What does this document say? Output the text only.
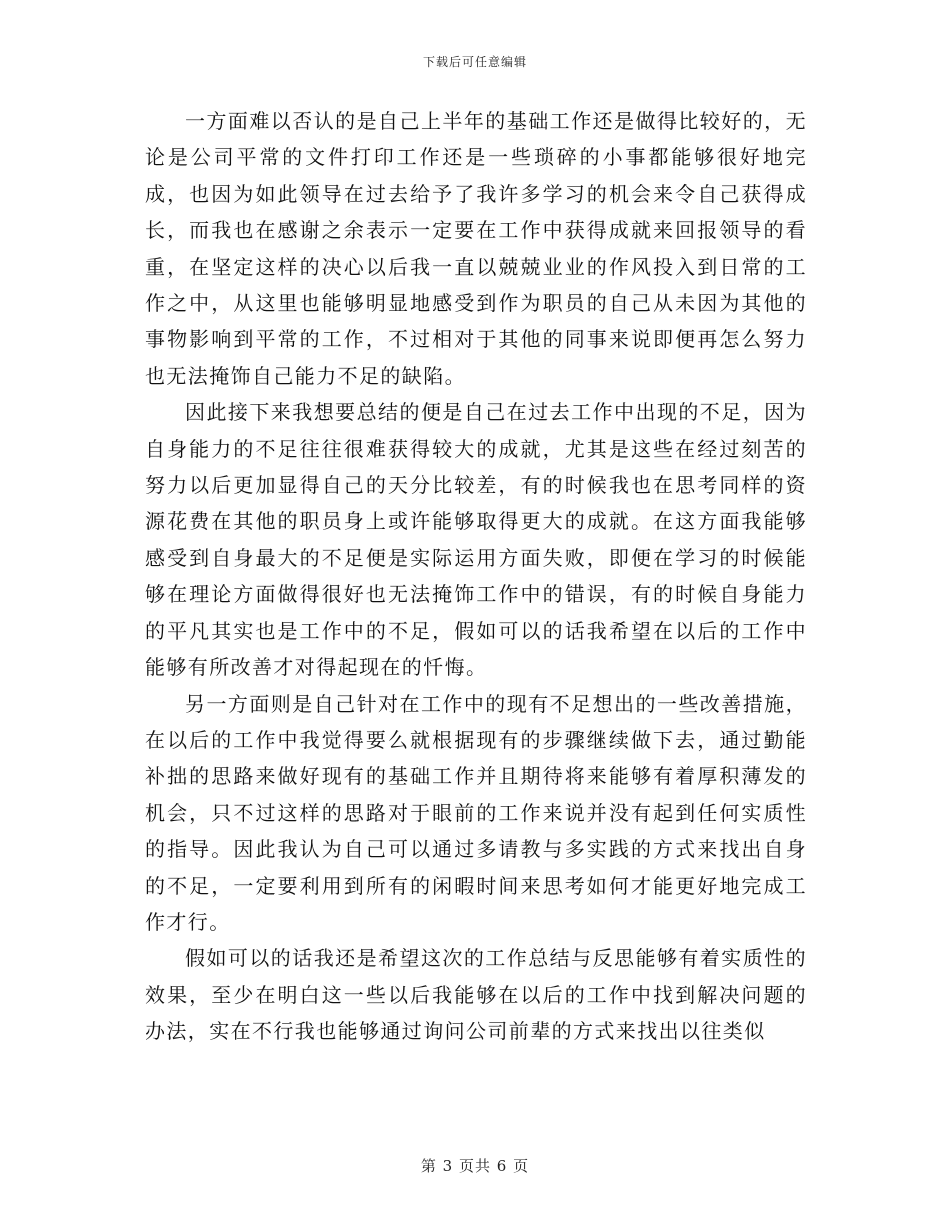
下载后可任意编辑

一方面难以否认的是自己上半年的基础工作还是做得比较好的，无论是公司平常的文件打印工作还是一些琐碎的小事都能够很好地完成，也因为如此领导在过去给予了我许多学习的机会来令自己获得成长，而我也在感谢之余表示一定要在工作中获得成就来回报领导的看重，在坚定这样的决心以后我一直以兢兢业业的作风投入到日常的工作之中，从这里也能够明显地感受到作为职员的自己从未因为其他的事物影响到平常的工作，不过相对于其他的同事来说即便再怎么努力也无法掩饰自己能力不足的缺陷。

因此接下来我想要总结的便是自己在过去工作中出现的不足，因为自身能力的不足往往很难获得较大的成就，尤其是这些在经过刻苦的努力以后更加显得自己的天分比较差，有的时候我也在思考同样的资源花费在其他的职员身上或许能够取得更大的成就。在这方面我能够感受到自身最大的不足便是实际运用方面失败，即便在学习的时候能够在理论方面做得很好也无法掩饰工作中的错误，有的时候自身能力的平凡其实也是工作中的不足，假如可以的话我希望在以后的工作中能够有所改善才对得起现在的忏悔。

另一方面则是自己针对在工作中的现有不足想出的一些改善措施，在以后的工作中我觉得要么就根据现有的步骤继续做下去，通过勤能补拙的思路来做好现有的基础工作并且期待将来能够有着厚积薄发的机会，只不过这样的思路对于眼前的工作来说并没有起到任何实质性的指导。因此我认为自己可以通过多请教与多实践的方式来找出自身的不足，一定要利用到所有的闲暇时间来思考如何才能更好地完成工作才行。

假如可以的话我还是希望这次的工作总结与反思能够有着实质性的效果，至少在明白这一些以后我能够在以后的工作中找到解决问题的办法，实在不行我也能够通过询问公司前辈的方式来找出以往类似

第 3 页共 6 页
